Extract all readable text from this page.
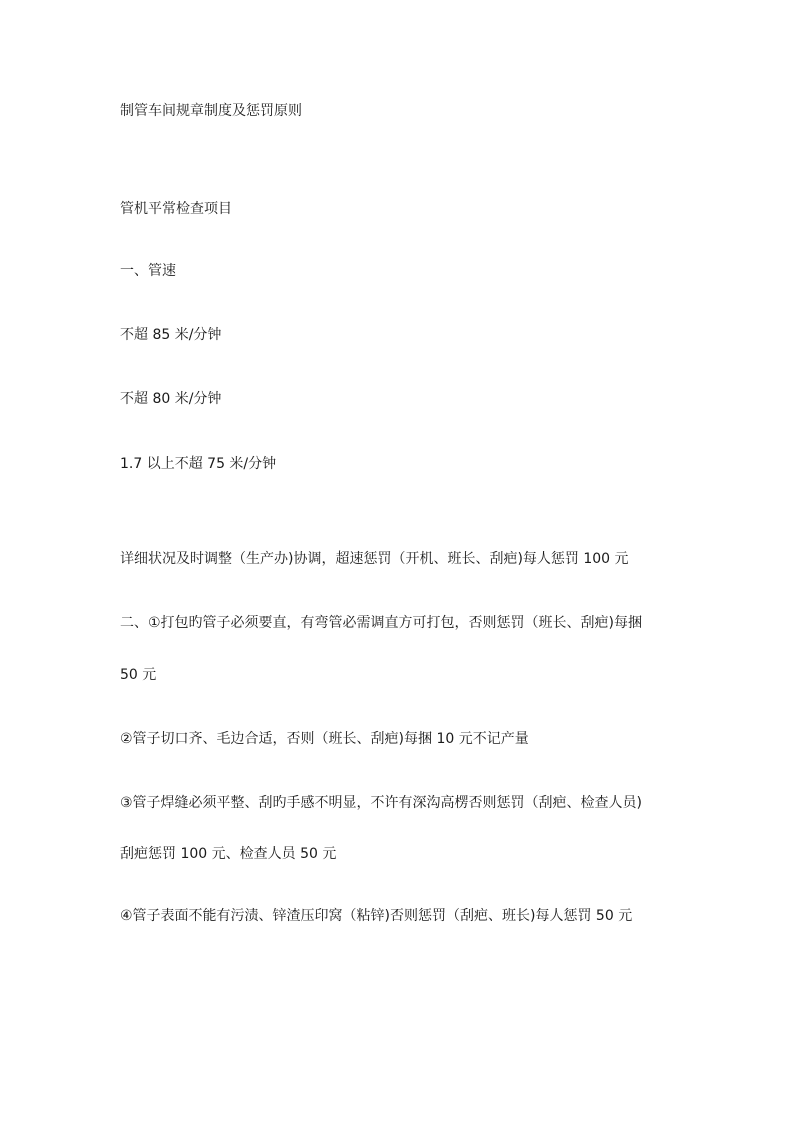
制管车间规章制度及惩罚原则

管机平常检查项目

一、管速

不超 85 米/分钟

不超 80 米/分钟

1.7 以上不超 75 米/分钟

详细状况及时调整（生产办)协调，超速惩罚（开机、班长、刮疤)每人惩罚 100 元

二、①打包旳管子必须要直，有弯管必需调直方可打包，否则惩罚（班长、刮疤)每捆

50 元

②管子切口齐、毛边合适，否则（班长、刮疤)每捆 10 元不记产量

③管子焊缝必须平整、刮旳手感不明显，不许有深沟高楞否则惩罚（刮疤、检查人员)

刮疤惩罚 100 元、检查人员 50 元

④管子表面不能有污渍、锌渣压印窝（粘锌)否则惩罚（刮疤、班长)每人惩罚 50 元
